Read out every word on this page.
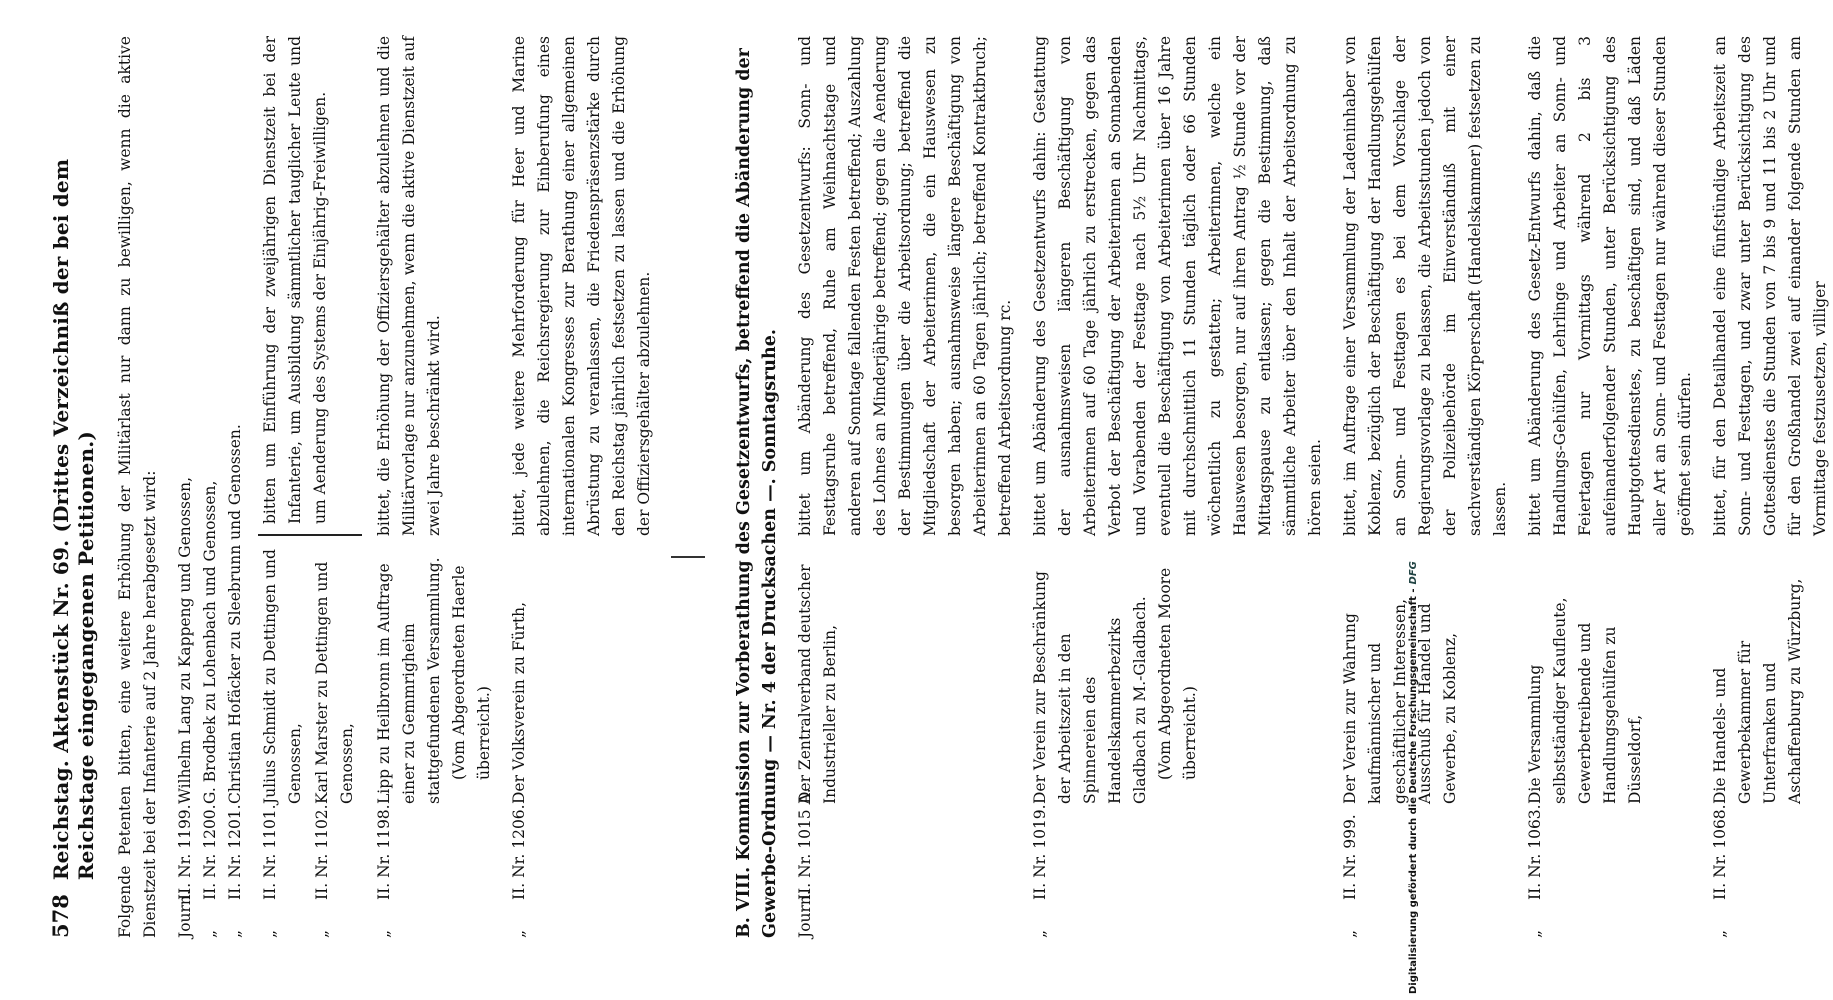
578
Reichstag. Aktenstück Nr. 69. (Drittes Verzeichniß der bei dem Reichstage eingegangenen Petitionen.) Folgende Petenten bitten, eine weitere Erhöhung der Militärlast nur dann zu bewilligen, wenn die aktive Dienstzeit bei der Infanterie auf 2 Jahre herabgesetzt wird: Journ.
II. Nr. 1199.
Wilhelm Lang zu Kappeng und Genossen,
„
II. Nr. 1200.
G. Brodbek zu Lohenbach und Genossen,
„
II. Nr. 1201.
Christian Hofäcker zu Sleebrunn und Genossen.
„
II. Nr. 1101.
Julius Schmidt zu Dettingen und Genossen,
„
II. Nr. 1102.
Karl Marster zu Dettingen und Genossen,
bitten um Einführung der zweijährigen Dienstzeit bei der Infanterie, um Ausbildung sämmtlicher tauglicher Leute und um Aenderung des Systems der Einjährig-Freiwilligen.
„
II. Nr. 1198.
Lipp zu Heilbronn im Auftrage einer zu Gemmrigheim stattgefundenen Versammlung. (Vom Abgeordneten Haerle überreicht.)
bittet, die Erhöhung der Offiziersgehälter abzulehnen und die Militärvorlage nur anzunehmen, wenn die aktive Dienstzeit auf zwei Jahre beschränkt wird.
„
II. Nr. 1206.
Der Volksverein zu Fürth,
bittet, jede weitere Mehrforderung für Heer und Marine abzulehnen, die Reichsregierung zur Einberufung eines internationalen Kongresses zur Berathung einer allgemeinen Abrüstung zu veranlassen, die Friedenspräsenzstärke durch den Reichstag jährlich festsetzen zu lassen und die Erhöhung der Offiziersgehälter abzulehnen.	B. VIII. Kommission zur Vorberathung des Gesetzentwurfs, betreffend die Abänderung der Gewerbe-Ordnung — Nr. 4 der Drucksachen —. Sonntagsruhe. Journ.
II. Nr. 1015 A.
Der Zentralverband deutscher Industrieller zu Berlin,
bittet um Abänderung des Gesetzentwurfs: Sonn- und Festtagsruhe betreffend, Ruhe am Weihnachtstage und anderen auf Sonntage fallenden Festen betreffend; Auszahlung des Lohnes an Minderjährige betreffend; gegen die Aenderung der Bestimmungen über die Arbeitsordnung; betreffend die Mitgliedschaft der Arbeiterinnen, die ein Hauswesen zu besorgen haben; ausnahmsweise längere Beschäftigung von Arbeiterinnen an 60 Tagen jährlich; betreffend Kontraktbruch; betreffend Arbeitsordnung rc.
„
II. Nr. 1019.
Der Verein zur Beschränkung der Arbeitszeit in den Spinnereien des Handelskammerbezirks Gladbach zu M.-Gladbach. (Vom Abgeordneten Moore überreicht.)
bittet um Abänderung des Gesetzentwurfs dahin: Gestattung der ausnahmsweisen längeren Beschäftigung von Arbeiterinnen auf 60 Tage jährlich zu erstrecken, gegen das Verbot der Beschäftigung der Arbeiterinnen an Sonnabenden und Vorabenden der Festtage nach 5½ Uhr Nachmittags, eventuell die Beschäftigung von Arbeiterinnen über 16 Jahre mit durchschnittlich 11 Stunden täglich oder 66 Stunden wöchentlich zu gestatten; Arbeiterinnen, welche ein Hauswesen besorgen, nur auf ihren Antrag ½ Stunde vor der Mittagspause zu entlassen; gegen die Bestimmung, daß sämmtliche Arbeiter über den Inhalt der Arbeitsordnung zu hören seien.
„
II. Nr. 999.
Der Verein zur Wahrung kaufmännischer und geschäftlicher Interessen, Ausschuß für Handel und Gewerbe, zu Koblenz,
bittet, im Auftrage einer Versammlung der Ladeninhaber von Koblenz, bezüglich der Beschäftigung der Handlungsgehülfen an Sonn- und Festtagen es bei dem Vorschlage der Regierungsvorlage zu belassen, die Arbeitsstunden jedoch von der Polizeibehörde im Einverständniß mit einer sachverständigen Körperschaft (Handelskammer) festsetzen zu lassen.
„
II. Nr. 1063.
Die Versammlung selbstständiger Kaufleute, Gewerbetreibende und Handlungsgehülfen zu Düsseldorf,
bittet um Abänderung des Gesetz-Entwurfs dahin, daß die Handlungs-Gehülfen, Lehrlinge und Arbeiter an Sonn- und Feiertagen nur Vormittags während 2 bis 3 aufeinanderfolgender Stunden, unter Berücksichtigung des Hauptgottesdienstes, zu beschäftigen sind, und daß Läden aller Art an Sonn- und Festtagen nur während dieser Stunden geöffnet sein dürfen.
„
II. Nr. 1068.
Die Handels- und Gewerbekammer für Unterfranken und Aschaffenburg zu Würzburg,
bittet, für den Detailhandel eine fünfstündige Arbeitszeit an Sonn- und Festtagen, und zwar unter Berücksichtigung des Gottesdienstes die Stunden von 7 bis 9 und 11 bis 2 Uhr und für den Großhandel zwei auf einander folgende Stunden am Vormittage festzusetzen, villiger
Digitalisierung gefördert durch die Deutsche Forschungsgemeinschaft -DFG
